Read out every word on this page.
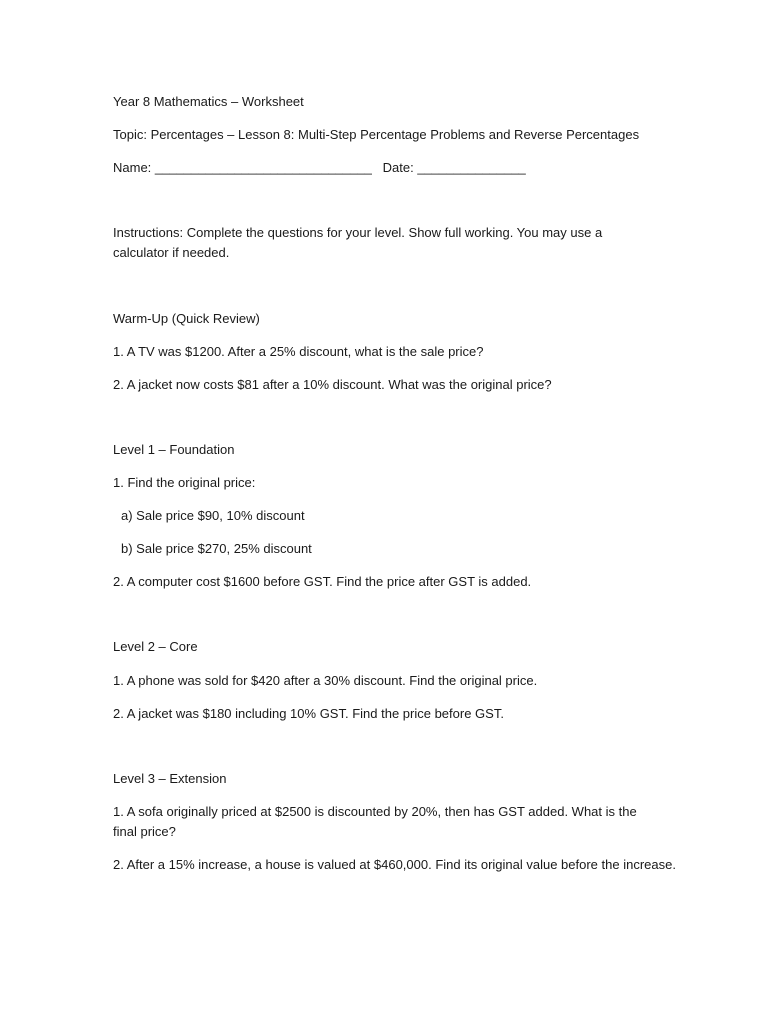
Year 8 Mathematics – Worksheet
Topic: Percentages – Lesson 8: Multi-Step Percentage Problems and Reverse Percentages
Name: ______________________________ Date: _______________
Instructions: Complete the questions for your level. Show full working. You may use a calculator if needed.
Warm-Up (Quick Review)
1. A TV was $1200. After a 25% discount, what is the sale price?
2. A jacket now costs $81 after a 10% discount. What was the original price?
Level 1 – Foundation
1. Find the original price:
a) Sale price $90, 10% discount
b) Sale price $270, 25% discount
2. A computer cost $1600 before GST. Find the price after GST is added.
Level 2 – Core
1. A phone was sold for $420 after a 30% discount. Find the original price.
2. A jacket was $180 including 10% GST. Find the price before GST.
Level 3 – Extension
1. A sofa originally priced at $2500 is discounted by 20%, then has GST added. What is the final price?
2. After a 15% increase, a house is valued at $460,000. Find its original value before the increase.
